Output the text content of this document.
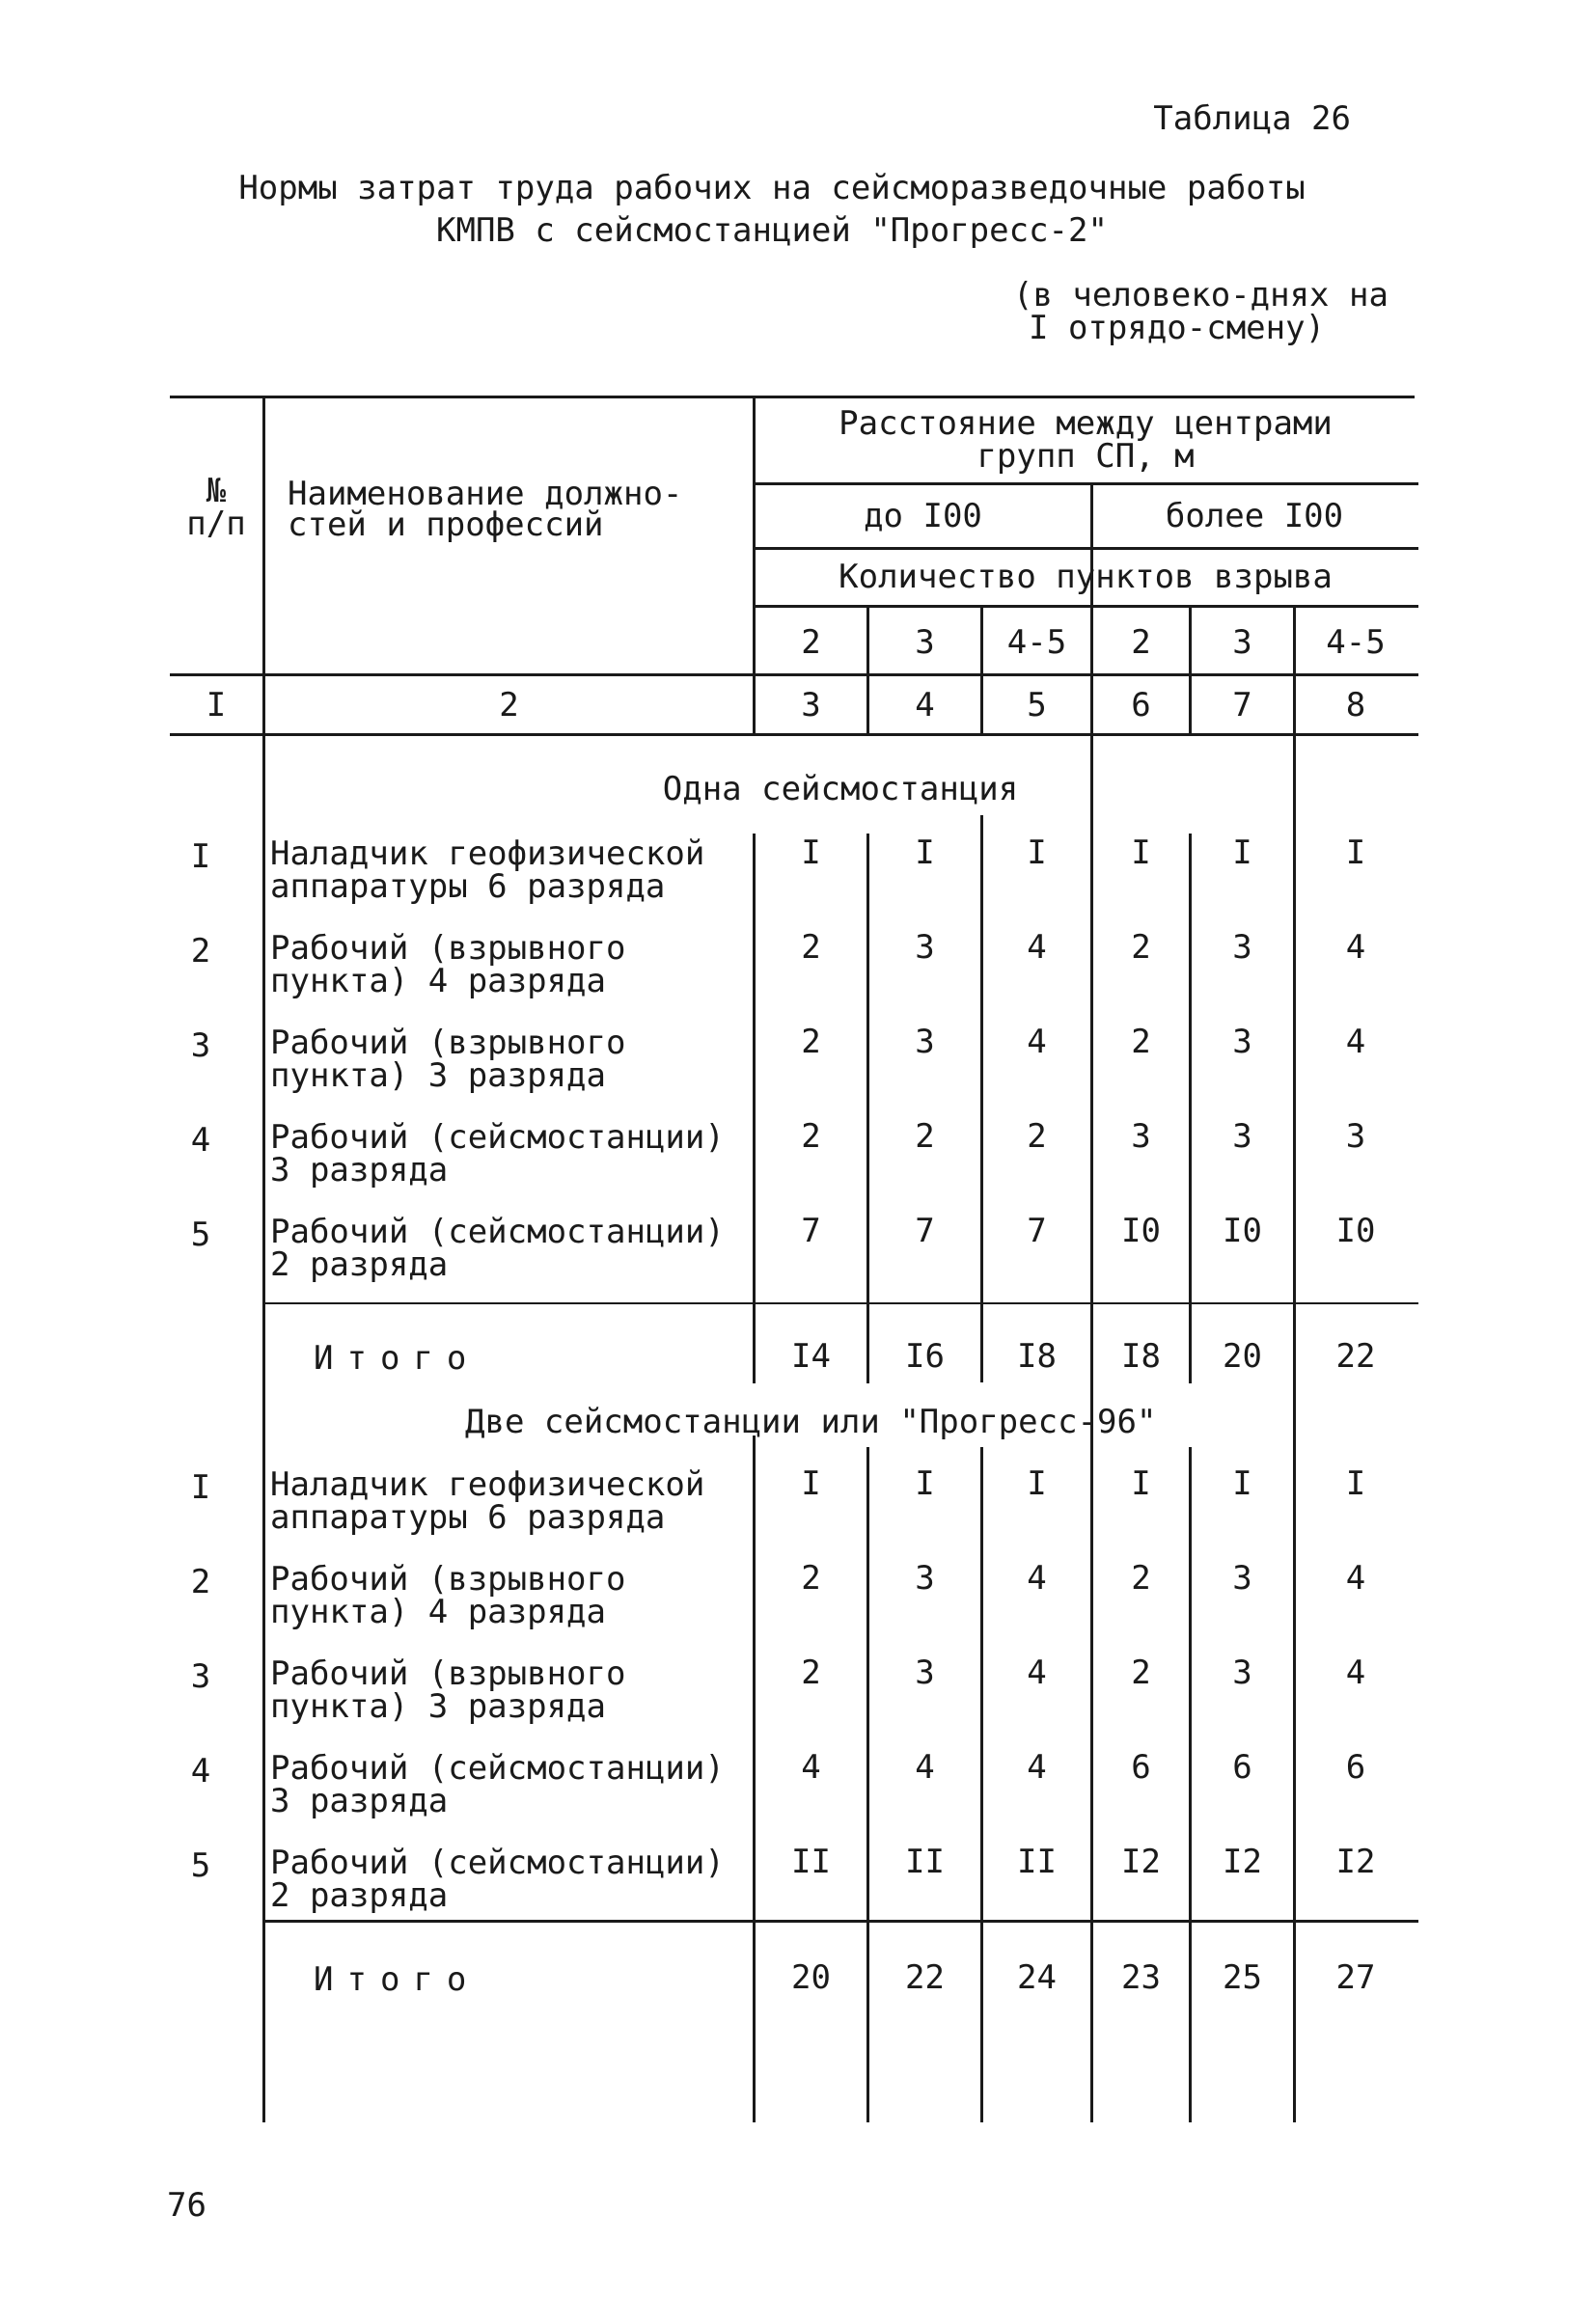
Таблица 26
Нормы затрат труда рабочих на сейсморазведочные работы
КМПВ с сейсмостанцией "Прогресс-2"
(в человеко-днях на
I отрядо-смену)
№
п/п
Наименование должно-
стей и профессий
Расстояние между центрами
групп СП, м
до I00	более I00
Количество пунктов взрыва
2	3	4-5	2	3	4-5
I	2	3	4	5	6	7	8
Одна сейсмостанция
I	Наладчик геофизической
аппаратуры 6 разряда
I	I	I	I	I	I
2	Рабочий (взрывного
пункта) 4 разряда
2	3	4	2	3	4
3	Рабочий (взрывного
пункта) 3 разряда
2	3	4	2	3	4
4	Рабочий (сейсмостанции)
3 разряда
2	2	2	3	3	3
5	Рабочий (сейсмостанции)
2 разряда
7	7	7	I0	I0	I0
Итого	I4	I6	I8	I8	20	22
Две сейсмостанции или "Прогресс-96"
I	Наладчик геофизической
аппаратуры 6 разряда
I	I	I	I	I	I
2	Рабочий (взрывного
пункта) 4 разряда
2	3	4	2	3	4
3	Рабочий (взрывного
пункта) 3 разряда
2	3	4	2	3	4
4	Рабочий (сейсмостанции)
3 разряда
4	4	4	6	6	6
5	Рабочий (сейсмостанции)
2 разряда
II	II	II	I2	I2	I2
Итого	20	22	24	23	25	27
76
